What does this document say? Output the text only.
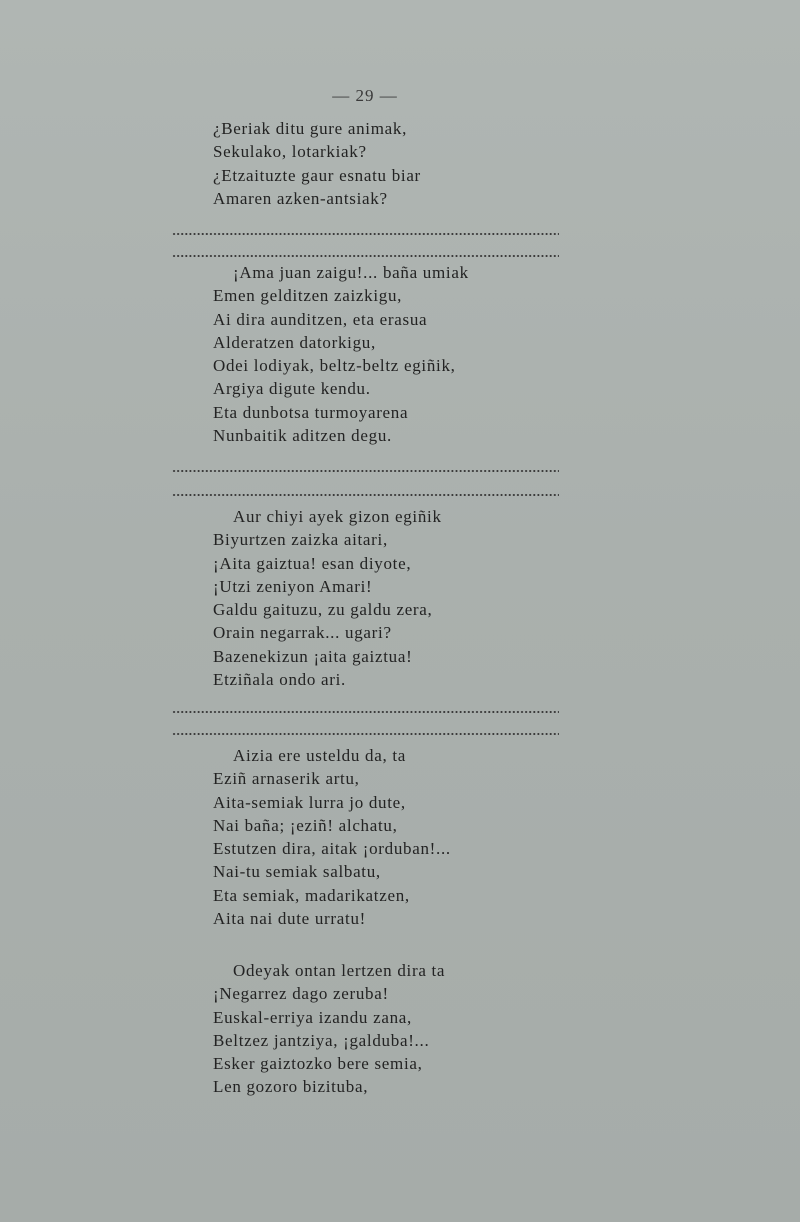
— 29 —
¿Beriak ditu gure animak,
Sekulako, lotarkiak?
¿Etzaituzte gaur esnatu biar
Amaren azken-antsiak?
¡Ama juan zaigu!... baña umiak
Emen gelditzen zaizkigu,
Ai dira aunditzen, eta erasua
Alderatzen datorkigu,
Odei lodiyak, beltz-beltz egiñik,
Argiya digute kendu.
Eta dunbotsa turmoyarena
Nunbaitik aditzen degu.
Aur chiyi ayek gizon egiñik
Biyurtzen zaizka aitari,
¡Aita gaiztua! esan diyote,
¡Utzi zeniyon Amari!
Galdu gaituzu, zu galdu zera,
Orain negarrak... ugari?
Bazenekizun ¡aita gaiztua!
Etziñala ondo ari.
Aizia ere usteldu da, ta
Eziñ arnaserik artu,
Aita-semiak lurra jo dute,
Nai baña; ¡eziñ! alchatu,
Estutzen dira, aitak ¡orduban!...
Nai-tu semiak salbatu,
Eta semiak, madarikatzen,
Aita nai dute urratu!
Odeyak ontan lertzen dira ta
¡Negarrez dago zeruba!
Euskal-erriya izandu zana,
Beltzez jantziya, ¡galduba!...
Esker gaiztozko bere semia,
Len gozoro bizituba,
